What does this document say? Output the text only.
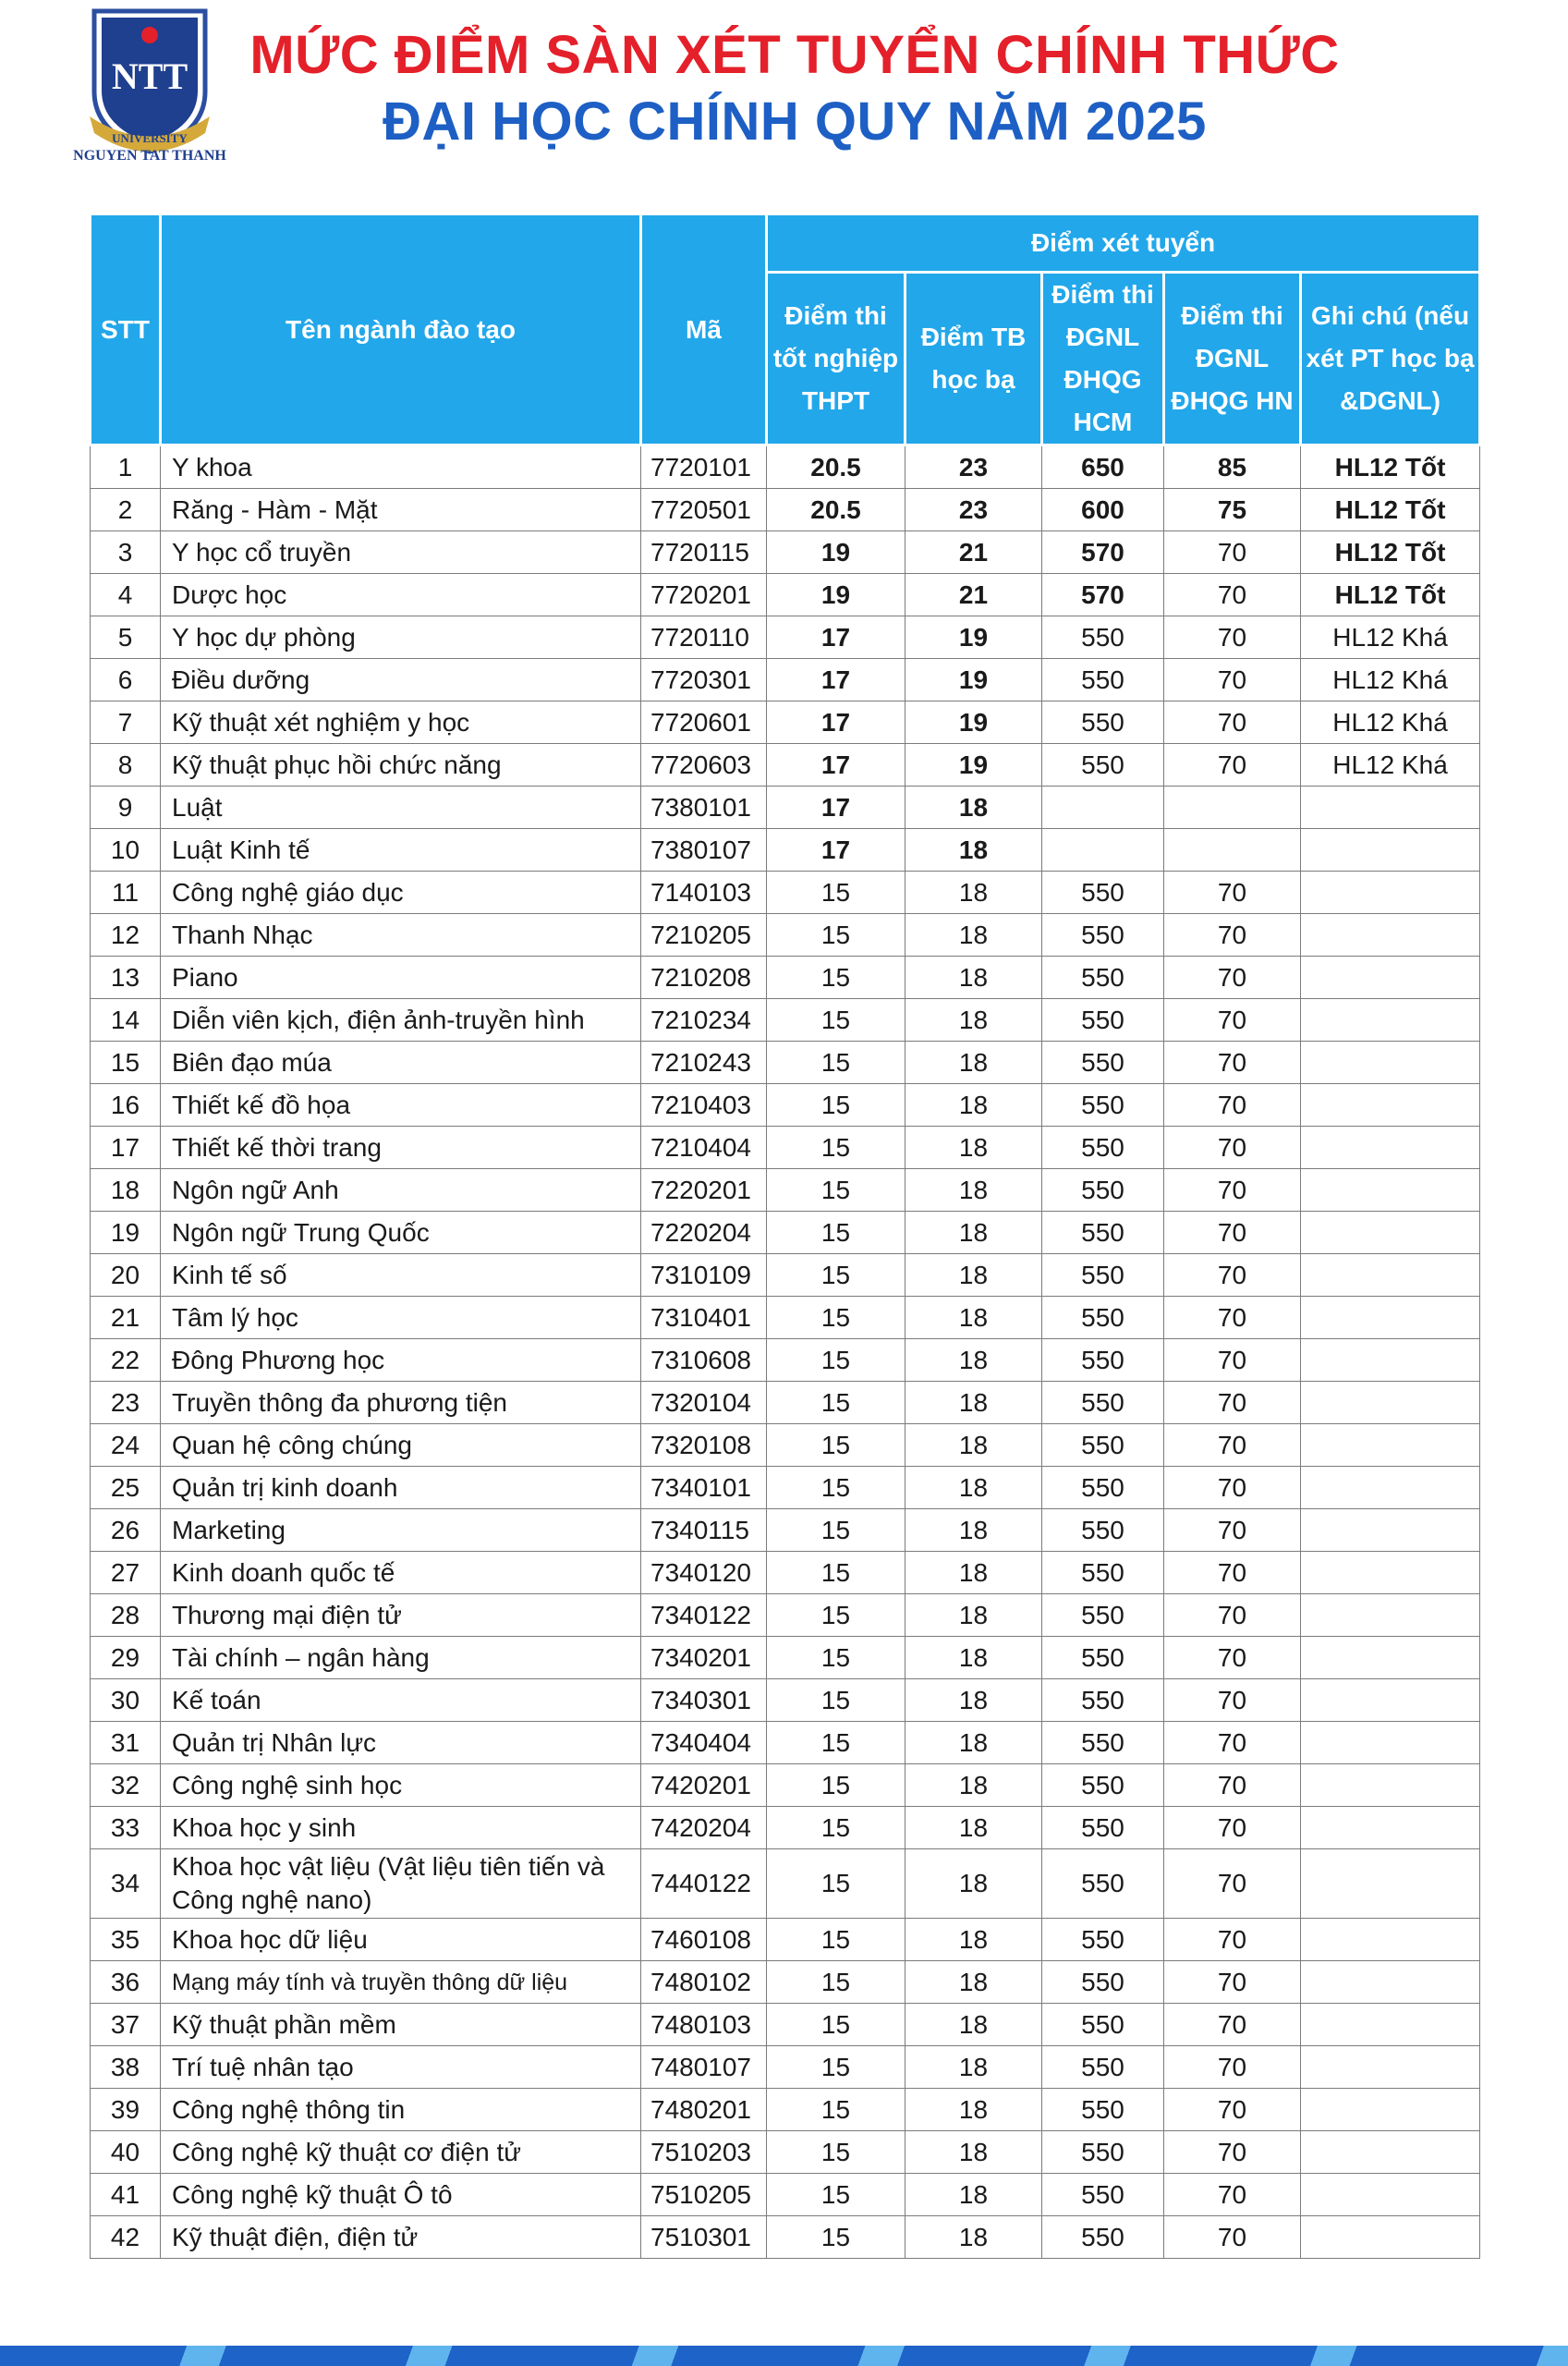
NTT
UNIVERSITY
NGUYEN TAT THANH
MỨC ĐIỂM SÀN XÉT TUYỂN CHÍNH THỨC
ĐẠI HỌC CHÍNH QUY NĂM 2025
STT	Tên ngành đào tạo	Mã	Điểm xét tuyển				
			Điểm thi tốt nghiệp THPT	Điểm TB học bạ	Điểm thi ĐGNL ĐHQG HCM	Điểm thi ĐGNL ĐHQG HN	Ghi chú (nếu xét PT học bạ &DGNL)
1	Y khoa	7720101	20.5	23	650	85	HL12 Tốt
2	Răng - Hàm - Mặt	7720501	20.5	23	600	75	HL12 Tốt
3	Y học cổ truyền	7720115	19	21	570	70	HL12 Tốt
4	Dược học	7720201	19	21	570	70	HL12 Tốt
5	Y học dự phòng	7720110	17	19	550	70	HL12 Khá
6	Điều dưỡng	7720301	17	19	550	70	HL12 Khá
7	Kỹ thuật xét nghiệm y học	7720601	17	19	550	70	HL12 Khá
8	Kỹ thuật phục hồi chức năng	7720603	17	19	550	70	HL12 Khá
9	Luật	7380101	17	18			
10	Luật Kinh tế	7380107	17	18			
11	Công nghệ giáo dục	7140103	15	18	550	70	
12	Thanh Nhạc	7210205	15	18	550	70	
13	Piano	7210208	15	18	550	70	
14	Diễn viên kịch, điện ảnh-truyền hình	7210234	15	18	550	70	
15	Biên đạo múa	7210243	15	18	550	70	
16	Thiết kế đồ họa	7210403	15	18	550	70	
17	Thiết kế thời trang	7210404	15	18	550	70	
18	Ngôn ngữ Anh	7220201	15	18	550	70	
19	Ngôn ngữ Trung Quốc	7220204	15	18	550	70	
20	Kinh tế số	7310109	15	18	550	70	
21	Tâm lý học	7310401	15	18	550	70	
22	Đông Phương học	7310608	15	18	550	70	
23	Truyền thông đa phương tiện	7320104	15	18	550	70	
24	Quan hệ công chúng	7320108	15	18	550	70	
25	Quản trị kinh doanh	7340101	15	18	550	70	
26	Marketing	7340115	15	18	550	70	
27	Kinh doanh quốc tế	7340120	15	18	550	70	
28	Thương mại điện tử	7340122	15	18	550	70	
29	Tài chính – ngân hàng	7340201	15	18	550	70	
30	Kế toán	7340301	15	18	550	70	
31	Quản trị Nhân lực	7340404	15	18	550	70	
32	Công nghệ sinh học	7420201	15	18	550	70	
33	Khoa học y sinh	7420204	15	18	550	70	
34	Khoa học vật liệu (Vật liệu tiên tiến và Công nghệ nano)	7440122	15	18	550	70	
35	Khoa học dữ liệu	7460108	15	18	550	70	
36	Mạng máy tính và truyền thông dữ liệu	7480102	15	18	550	70	
37	Kỹ thuật phần mềm	7480103	15	18	550	70	
38	Trí tuệ nhân tạo	7480107	15	18	550	70	
39	Công nghệ thông tin	7480201	15	18	550	70	
40	Công nghệ kỹ thuật cơ điện tử	7510203	15	18	550	70	
41	Công nghệ kỹ thuật Ô tô	7510205	15	18	550	70	
42	Kỹ thuật điện, điện tử	7510301	15	18	550	70	
